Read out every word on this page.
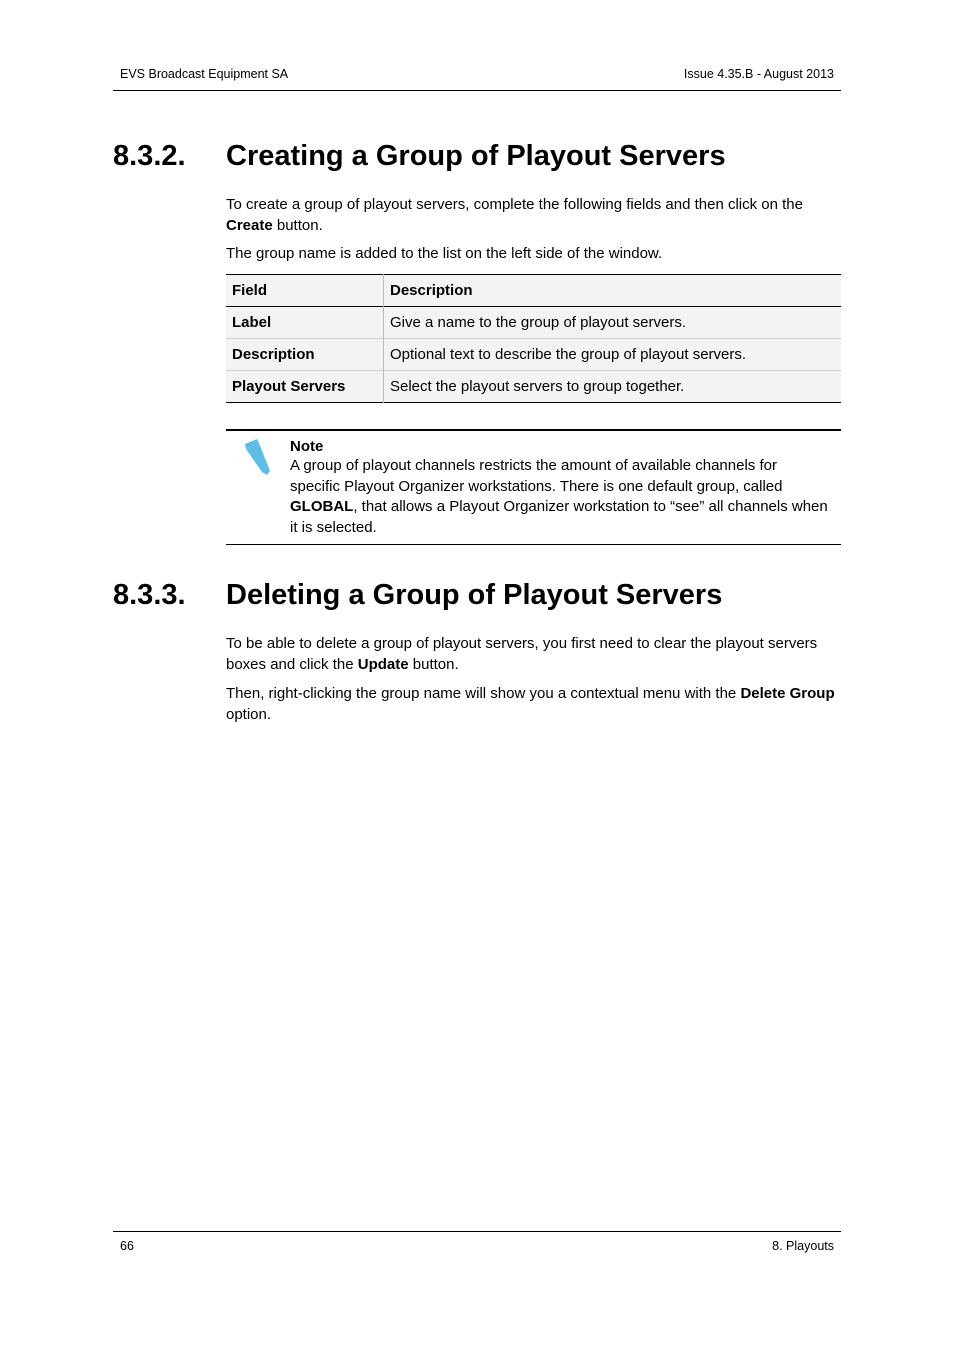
EVS Broadcast Equipment SA	Issue 4.35.B - August 2013
8.3.2. Creating a Group of Playout Servers

To create a group of playout servers, complete the following fields and then click on the Create button.

The group name is added to the list on the left side of the window.

Field	Description
Label	Give a name to the group of playout servers.
Description	Optional text to describe the group of playout servers.
Playout Servers	Select the playout servers to group together.
Note

A group of playout channels restricts the amount of available channels for specific Playout Organizer workstations. There is one default group, called GLOBAL, that allows a Playout Organizer workstation to “see” all channels when it is selected.

8.3.3. Deleting a Group of Playout Servers

To be able to delete a group of playout servers, you first need to clear the playout servers boxes and click the Update button.

Then, right-clicking the group name will show you a contextual menu with the Delete Group option.

66	8. Playouts
